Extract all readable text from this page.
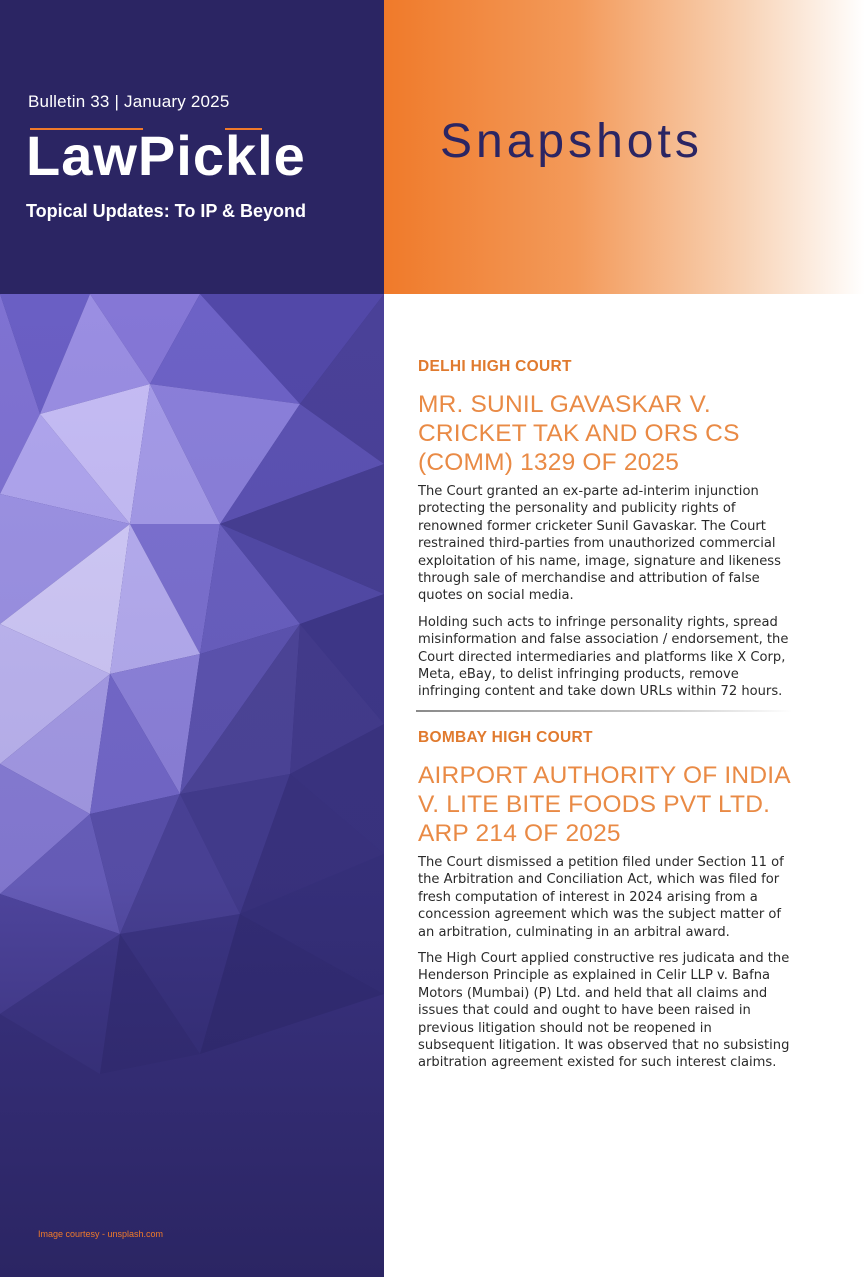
Bulletin 33 | January 2025
LawPickle
Topical Updates: To IP & Beyond
Snapshots
Image courtesy - unsplash.com
DELHI HIGH COURT
MR. SUNIL GAVASKAR V. CRICKET TAK AND ORS CS (COMM) 1329 OF 2025

The Court granted an ex-parte ad-interim injunction protecting the personality and publicity rights of renowned former cricketer Sunil Gavaskar. The Court restrained third-parties from unauthorized commercial exploitation of his name, image, signature and likeness through sale of merchandise and attribution of false quotes on social media.

Holding such acts to infringe personality rights, spread misinformation and false association / endorsement, the Court directed intermediaries and platforms like X Corp, Meta, eBay, to delist infringing products, remove infringing content and take down URLs within 72 hours.

BOMBAY HIGH COURT
AIRPORT AUTHORITY OF INDIA V. LITE BITE FOODS PVT LTD. ARP 214 OF 2025

The Court dismissed a petition filed under Section 11 of the Arbitration and Conciliation Act, which was filed for fresh computation of interest in 2024 arising from a concession agreement which was the subject matter of an arbitration, culminating in an arbitral award.

The High Court applied constructive res judicata and the Henderson Principle as explained in Celir LLP v. Bafna Motors (Mumbai) (P) Ltd. and held that all claims and issues that could and ought to have been raised in previous litigation should not be reopened in subsequent litigation. It was observed that no subsisting arbitration agreement existed for such interest claims.
